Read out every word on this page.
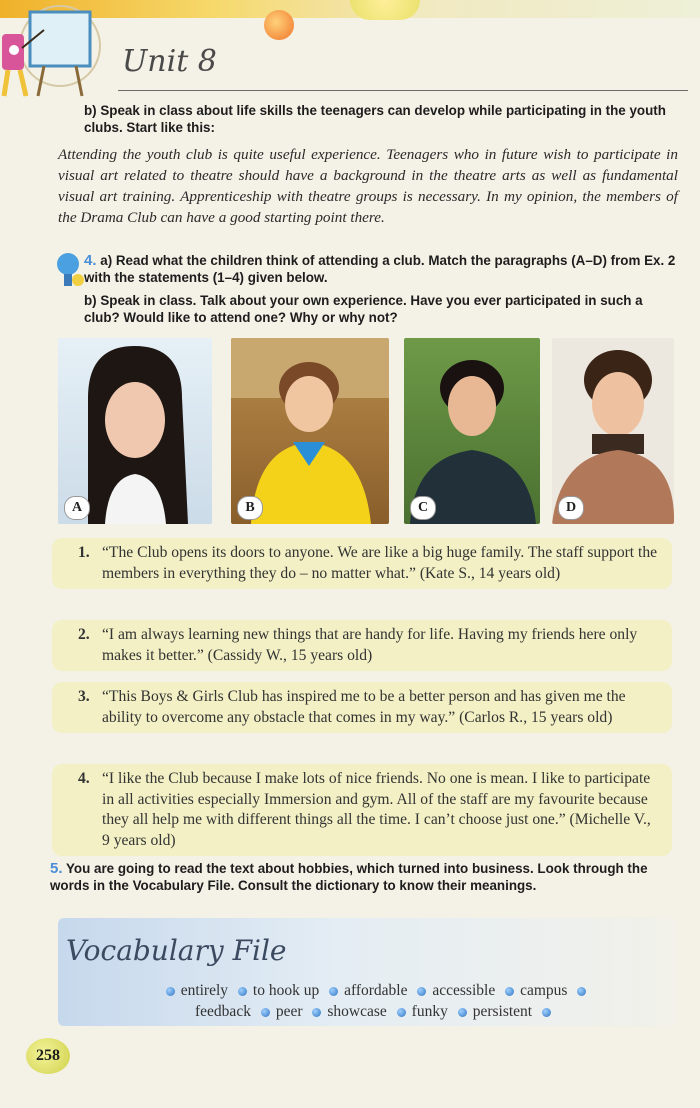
Unit 8
b) Speak in class about life skills the teenagers can develop while participating in the youth clubs. Start like this:
Attending the youth club is quite useful experience. Teenagers who in future wish to participate in visual art related to theatre should have a background in the theatre arts as well as fundamental visual art training. Apprenticeship with theatre groups is necessary. In my opinion, the members of the Drama Club can have a good starting point there.
4. a) Read what the children think of attending a club. Match the paragraphs (A–D) from Ex. 2 with the statements (1–4) given below.
b) Speak in class. Talk about your own experience. Have you ever participated in such a club? Would like to attend one? Why or why not?
A	B	C	D
1. “The Club opens its doors to anyone. We are like a big huge family. The staff support the members in everything they do – no matter what.” (Kate S., 14 years old)
2. “I am always learning new things that are handy for life. Having my friends here only makes it better.” (Cassidy W., 15 years old)
3. “This Boys & Girls Club has inspired me to be a better person and has given me the ability to overcome any obstacle that comes in my way.” (Carlos R., 15 years old)
4. “I like the Club because I make lots of nice friends. No one is mean. I like to participate in all activities especially Immersion and gym. All of the staff are my favourite because they all help me with different things all the time. I can’t choose just one.” (Michelle V., 9 years old)
5. You are going to read the text about hobbies, which turned into business. Look through the words in the Vocabulary File. Consult the dictionary to know their meanings.
Vocabulary File
entirely to hook up affordable accessible campus
feedback peer showcase funky persistent
258
